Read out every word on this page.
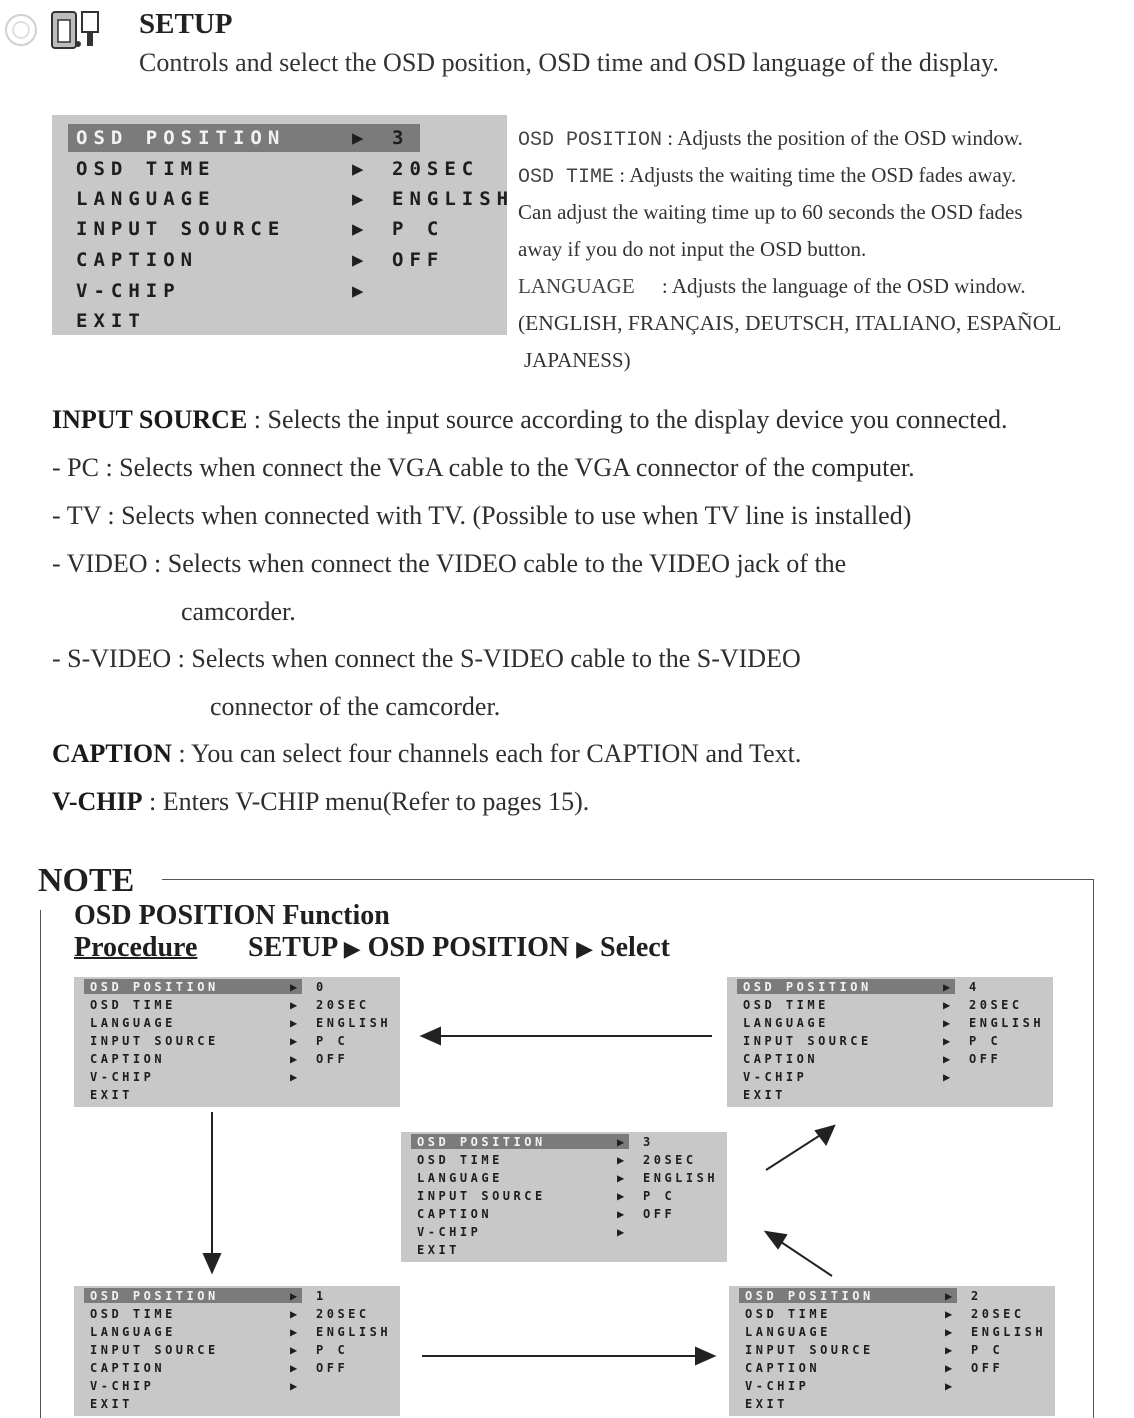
SETUP
Controls and select the OSD position, OSD time and OSD language of the display.
OSD POSITION	▶ 3
OSD TIME	▶ 20SEC
LANGUAGE	▶ ENGLISH
INPUT SOURCE	▶ P C
CAPTION	▶ OFF
V-CHIP	▶
EXIT
OSD POSITION : Adjusts the position of the OSD window.
OSD TIME : Adjusts the waiting time the OSD fades away.
Can adjust the waiting time up to 60 seconds the OSD fades
away if you do not input the OSD button.
LANGUAGE : Adjusts the language of the OSD window.
(ENGLISH, FRANÇAIS, DEUTSCH, ITALIANO, ESPAÑOL
JAPANESS)
INPUT SOURCE : Selects the input source according to the display device you connected.
- PC : Selects when connect the VGA cable to the VGA connector of the computer.
- TV : Selects when connected with TV. (Possible to use when TV line is installed)
- VIDEO : Selects when connect the VIDEO cable to the VIDEO jack of the
camcorder.
- S-VIDEO : Selects when connect the S-VIDEO cable to the S-VIDEO
connector of the camcorder.
CAPTION : You can select four channels each for CAPTION and Text.
V-CHIP : Enters V-CHIP menu(Refer to pages 15).
NOTE
OSD POSITION Function
Procedure SETUP ▶ OSD POSITION ▶ Select
OSD POSITION	▶ 0
OSD TIME	▶ 20SEC
LANGUAGE	▶ ENGLISH
INPUT SOURCE	▶ P C
CAPTION	▶ OFF
V-CHIP	▶
EXIT
OSD POSITION	▶ 4
OSD TIME	▶ 20SEC
LANGUAGE	▶ ENGLISH
INPUT SOURCE	▶ P C
CAPTION	▶ OFF
V-CHIP	▶
EXIT
OSD POSITION	▶ 3
OSD TIME	▶ 20SEC
LANGUAGE	▶ ENGLISH
INPUT SOURCE	▶ P C
CAPTION	▶ OFF
V-CHIP	▶
EXIT
OSD POSITION	▶ 1
OSD TIME	▶ 20SEC
LANGUAGE	▶ ENGLISH
INPUT SOURCE	▶ P C
CAPTION	▶ OFF
V-CHIP	▶
EXIT
OSD POSITION	▶ 2
OSD TIME	▶ 20SEC
LANGUAGE	▶ ENGLISH
INPUT SOURCE	▶ P C
CAPTION	▶ OFF
V-CHIP	▶
EXIT
